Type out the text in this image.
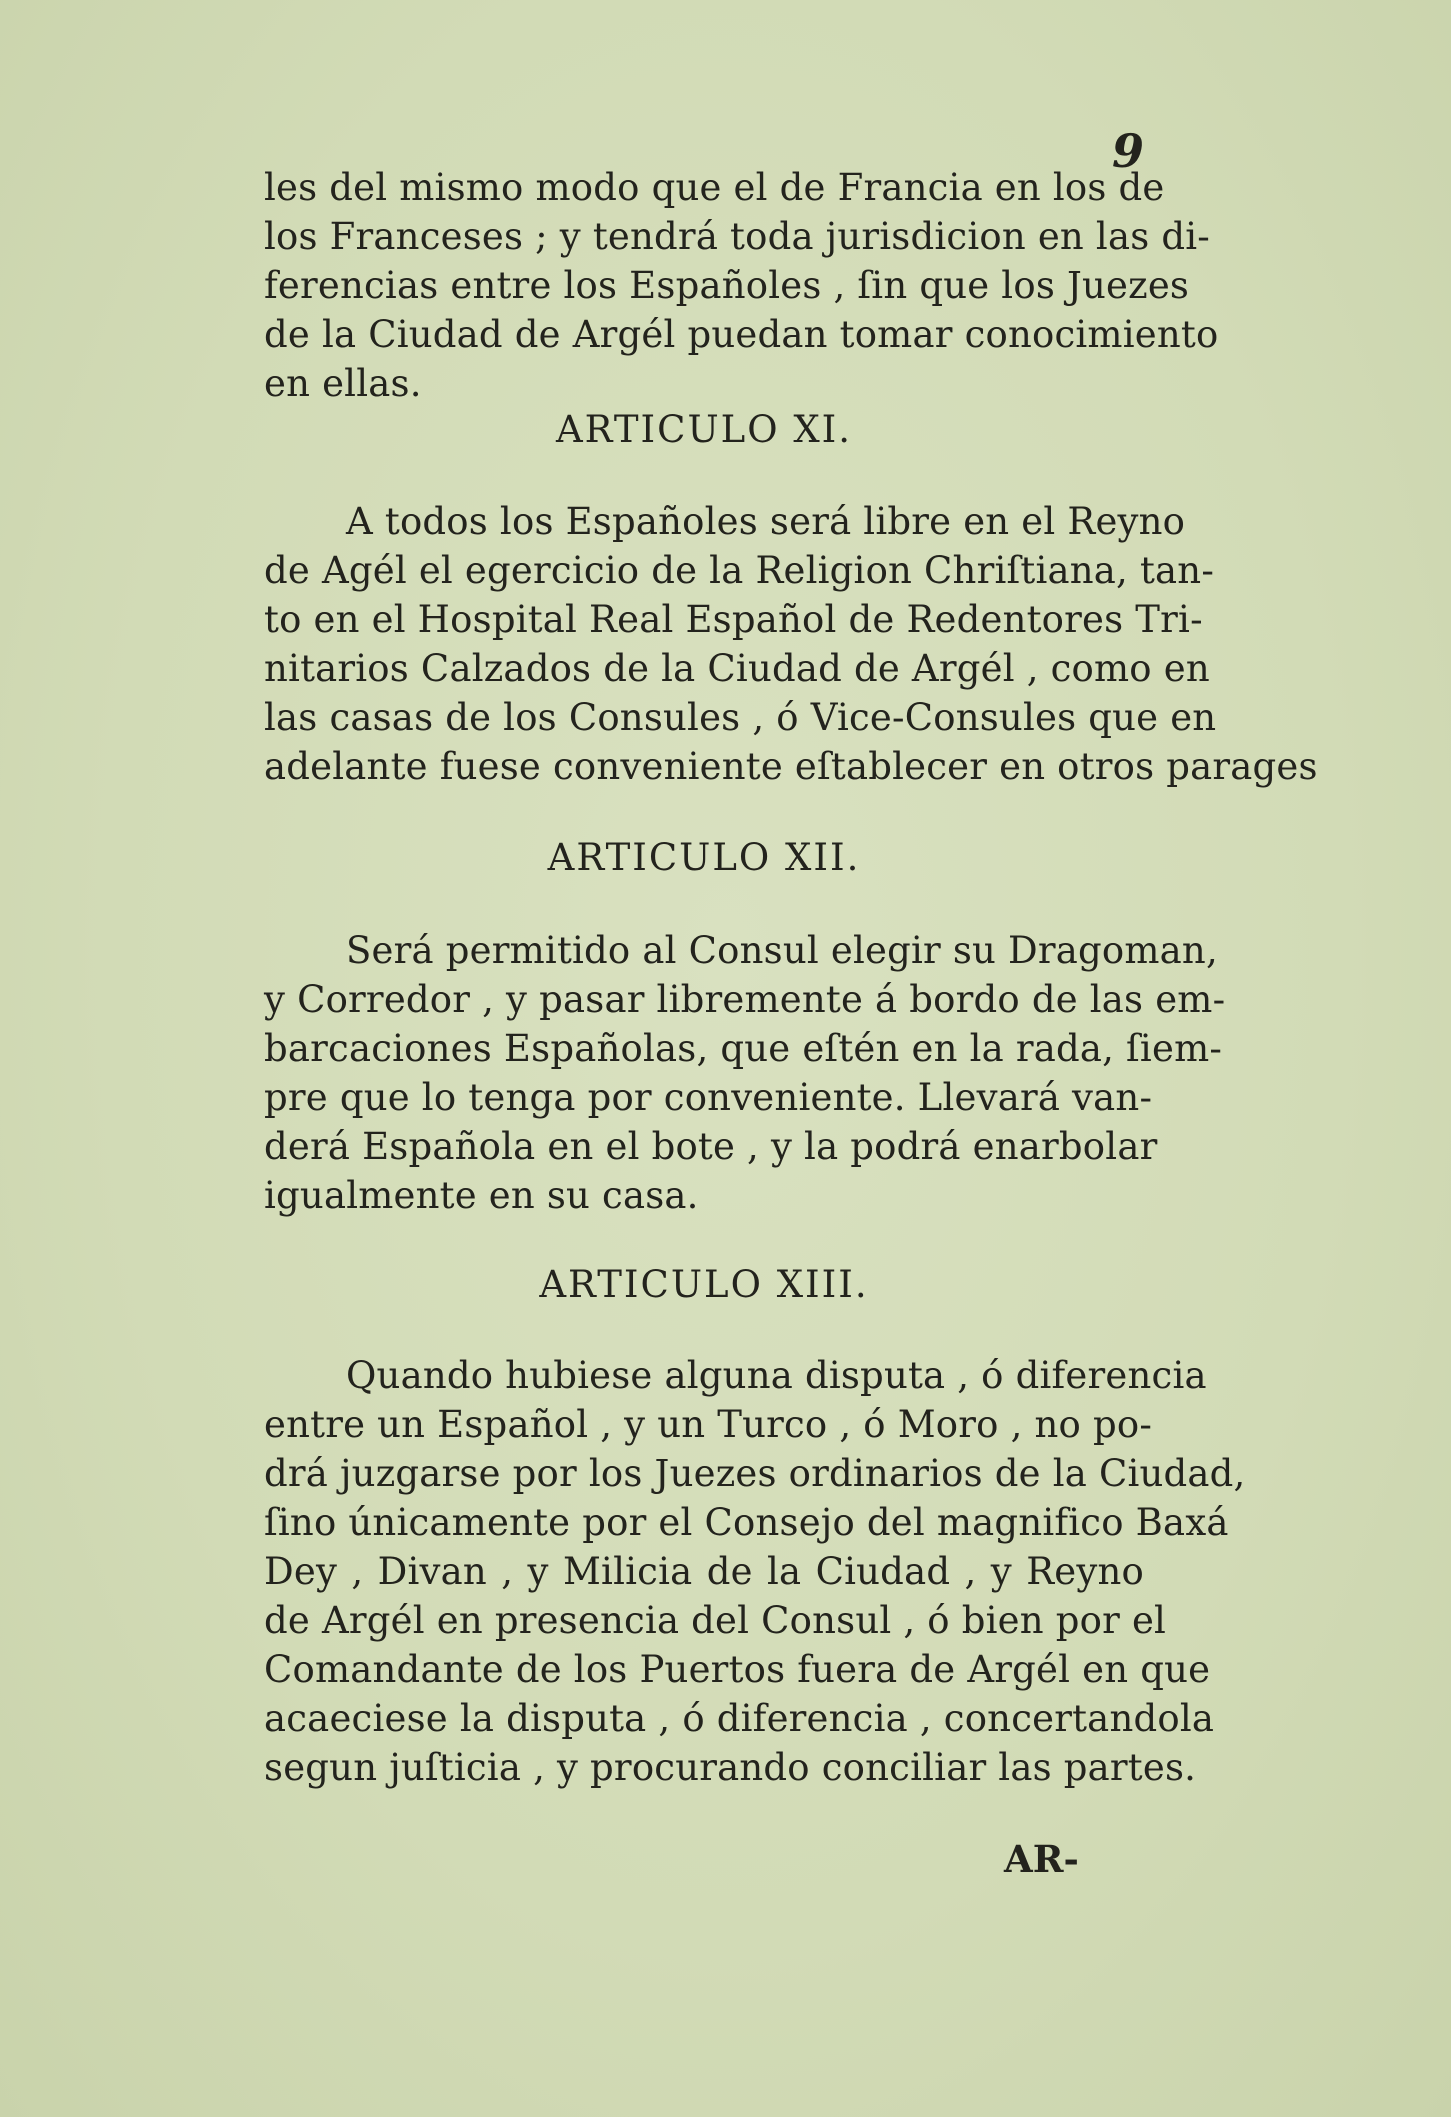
9
les del mismo modo que el de Francia en los de
los Franceses ; y tendrá toda jurisdicion en las di-
ferencias entre los Españoles , ſin que los Juezes
de la Ciudad de Argél puedan tomar conocimiento
en ellas.
ARTICULO XI.
A todos los Españoles será libre en el Reyno
de Agél el egercicio de la Religion Chriſtiana, tan-
to en el Hospital Real Español de Redentores Tri-
nitarios Calzados de la Ciudad de Argél , como en
las casas de los Consules , ó Vice-Consules que en
adelante fuese conveniente eſtablecer en otros parages
ARTICULO XII.
Será permitido al Consul elegir su Dragoman,
y Corredor , y pasar libremente á bordo de las em-
barcaciones Españolas, que eſtén en la rada, ſiem-
pre que lo tenga por conveniente. Llevará van-
derá Española en el bote , y la podrá enarbolar
igualmente en su casa.
ARTICULO XIII.
Quando hubiese alguna disputa , ó diferencia
entre un Español , y un Turco , ó Moro , no po-
drá juzgarse por los Juezes ordinarios de la Ciudad,
ſino únicamente por el Consejo del magnifico Baxá
Dey , Divan , y Milicia de la Ciudad , y Reyno
de Argél en presencia del Consul , ó bien por el
Comandante de los Puertos fuera de Argél en que
acaeciese la disputa , ó diferencia , concertandola
segun juſticia , y procurando conciliar las partes.
AR-
